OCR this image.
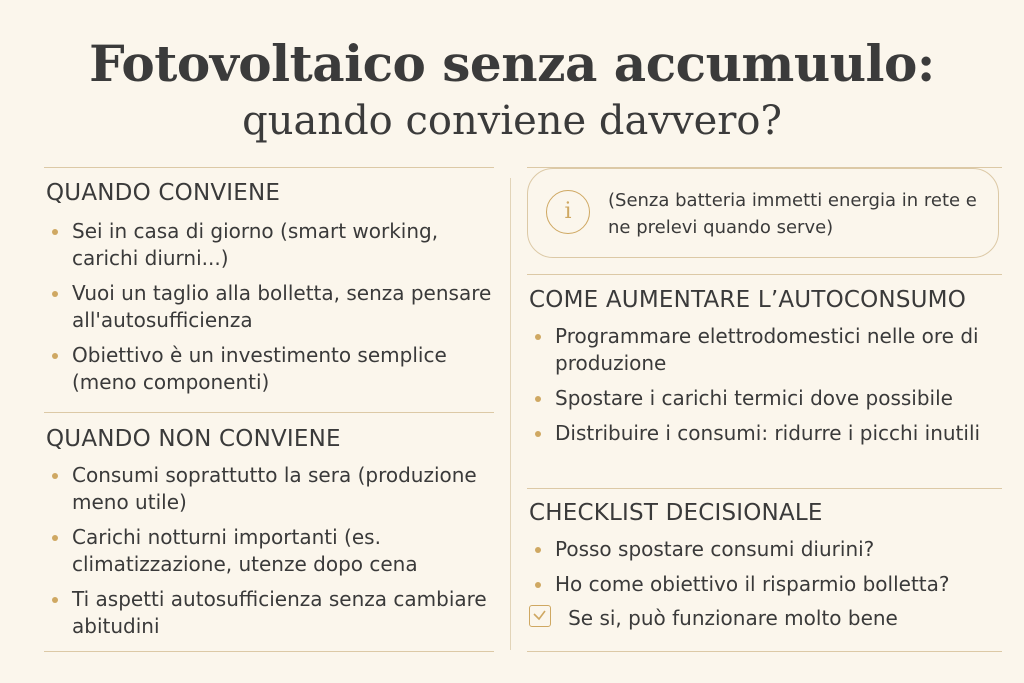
Fotovoltaico senza accumuulo:
quando conviene davvero?
QUANDO CONVIENE
Sei in casa di giorno (smart working, carichi diurni...)
Vuoi un taglio alla bolletta, senza pensare all'autosufficienza
Obiettivo è un investimento semplice (meno componenti)
QUANDO NON CONVIENE
Consumi soprattutto la sera (produzione meno utile)
Carichi notturni importanti (es. climatizzazione, utenze dopo cena
Ti aspetti autosufficienza senza cambiare abitudini
i	(Senza batteria immetti energia in rete e ne prelevi quando serve)
COME AUMENTARE L’AUTOCONSUMO
Programmare elettrodomestici nelle ore di produzione
Spostare i carichi termici dove possibile
Distribuire i consumi: ridurre i picchi inutili
CHECKLIST DECISIONALE
Posso spostare consumi diurini?
Ho come obiettivo il risparmio bolletta?
Se si, può funzionare molto bene
